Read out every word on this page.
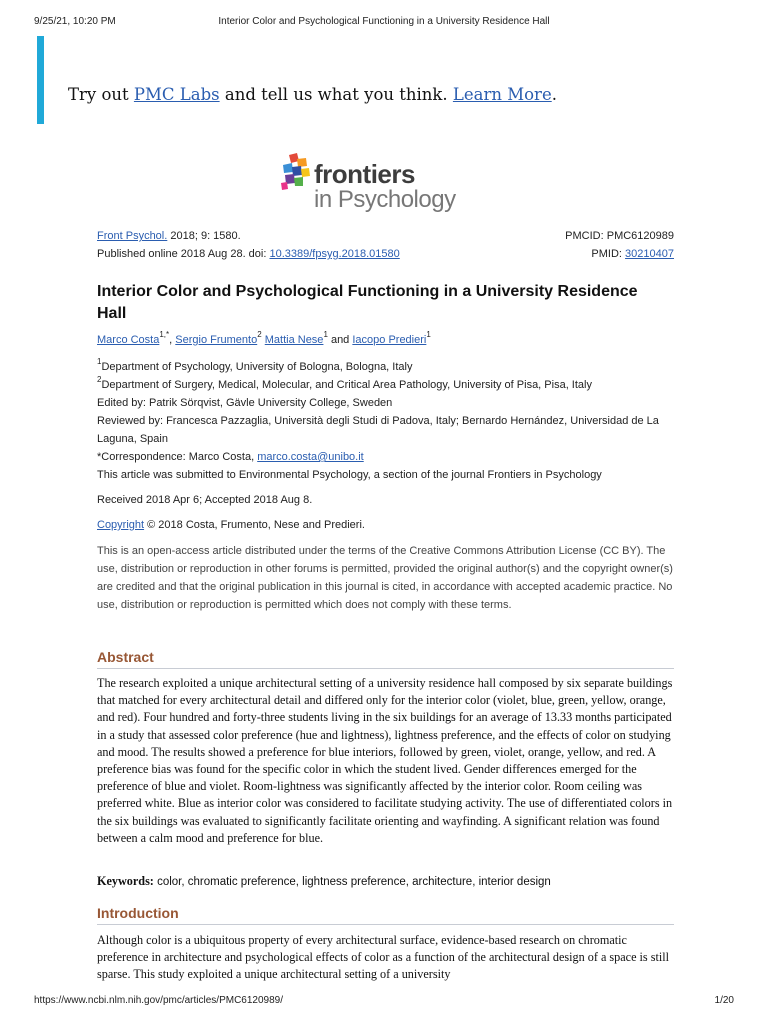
9/25/21, 10:20 PM	Interior Color and Psychological Functioning in a University Residence Hall
Try out PMC Labs and tell us what you think. Learn More.
frontiers
in Psychology
Front Psychol. 2018; 9: 1580.
Published online 2018 Aug 28. doi: 10.3389/fpsyg.2018.01580
PMCID: PMC6120989
PMID: 30210407
Interior Color and Psychological Functioning in a University Residence Hall
Marco Costa$^{1,*}$, Sergio Frumento$^2$ Mattia Nese$^1$ and Iacopo Predieri$^1$
$^1$Department of Psychology, University of Bologna, Bologna, Italy
$^2$Department of Surgery, Medical, Molecular, and Critical Area Pathology, University of Pisa, Pisa, Italy
Edited by: Patrik Sörqvist, Gävle University College, Sweden
Reviewed by: Francesca Pazzaglia, Università degli Studi di Padova, Italy; Bernardo Hernández, Universidad de La Laguna, Spain
*Correspondence: Marco Costa, marco.costa@unibo.it
This article was submitted to Environmental Psychology, a section of the journal Frontiers in Psychology
Received 2018 Apr 6; Accepted 2018 Aug 8.
Copyright © 2018 Costa, Frumento, Nese and Predieri.
This is an open-access article distributed under the terms of the Creative Commons Attribution License (CC BY). The use, distribution or reproduction in other forums is permitted, provided the original author(s) and the copyright owner(s) are credited and that the original publication in this journal is cited, in accordance with accepted academic practice. No use, distribution or reproduction is permitted which does not comply with these terms.
Abstract
The research exploited a unique architectural setting of a university residence hall composed by six separate buildings that matched for every architectural detail and differed only for the interior color (violet, blue, green, yellow, orange, and red). Four hundred and forty-three students living in the six buildings for an average of 13.33 months participated in a study that assessed color preference (hue and lightness), lightness preference, and the effects of color on studying and mood. The results showed a preference for blue interiors, followed by green, violet, orange, yellow, and red. A preference bias was found for the specific color in which the student lived. Gender differences emerged for the preference of blue and violet. Room-lightness was significantly affected by the interior color. Room ceiling was preferred white. Blue as interior color was considered to facilitate studying activity. The use of differentiated colors in the six buildings was evaluated to significantly facilitate orienting and wayfinding. A significant relation was found between a calm mood and preference for blue.
Keywords: color, chromatic preference, lightness preference, architecture, interior design
Introduction
Although color is a ubiquitous property of every architectural surface, evidence-based research on chromatic preference in architecture and psychological effects of color as a function of the architectural design of a space is still sparse. This study exploited a unique architectural setting of a university
https://www.ncbi.nlm.nih.gov/pmc/articles/PMC6120989/	1/20
